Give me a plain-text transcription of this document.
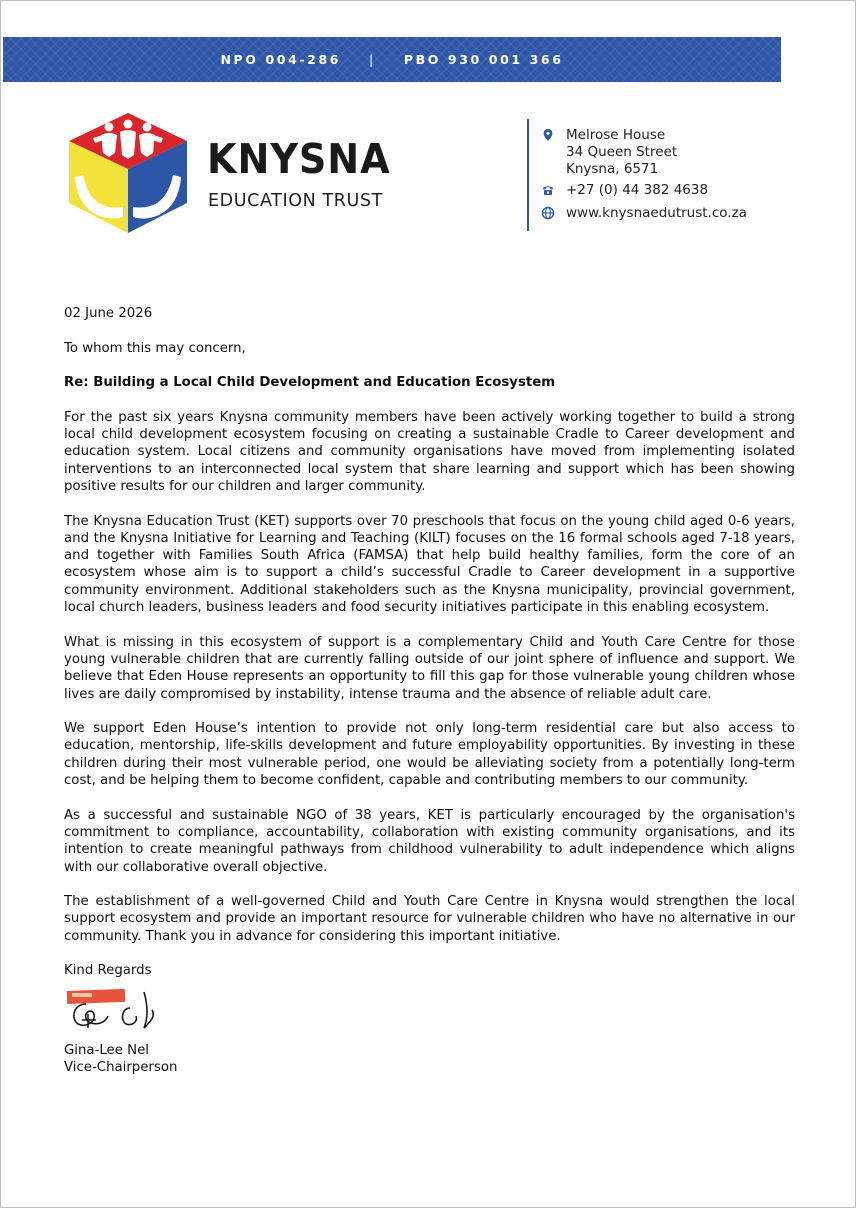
NPO 004-286 | PBO 930 001 366
KNYSNA
EDUCATION TRUST
Melrose House
34 Queen Street
Knysna, 6571
+27 (0) 44 382 4638
www.knysnaedutrust.co.za

02 June 2026

To whom this may concern,

Re: Building a Local Child Development and Education Ecosystem

For the past six years Knysna community members have been actively working together to build a strong local child development ecosystem focusing on creating a sustainable Cradle to Career development and education system. Local citizens and community organisations have moved from implementing isolated interventions to an interconnected local system that share learning and support which has been showing positive results for our children and larger community.

The Knysna Education Trust (KET) supports over 70 preschools that focus on the young child aged 0-6 years, and the Knysna Initiative for Learning and Teaching (KILT) focuses on the 16 formal schools aged 7-18 years, and together with Families South Africa (FAMSA) that help build healthy families, form the core of an ecosystem whose aim is to support a child’s successful Cradle to Career development in a supportive community environment. Additional stakeholders such as the Knysna municipality, provincial government, local church leaders, business leaders and food security initiatives participate in this enabling ecosystem.

What is missing in this ecosystem of support is a complementary Child and Youth Care Centre for those young vulnerable children that are currently falling outside of our joint sphere of influence and support. We believe that Eden House represents an opportunity to fill this gap for those vulnerable young children whose lives are daily compromised by instability, intense trauma and the absence of reliable adult care.

We support Eden House’s intention to provide not only long-term residential care but also access to education, mentorship, life-skills development and future employability opportunities. By investing in these children during their most vulnerable period, one would be alleviating society from a potentially long-term cost, and be helping them to become confident, capable and contributing members to our community.

As a successful and sustainable NGO of 38 years, KET is particularly encouraged by the organisation's commitment to compliance, accountability, collaboration with existing community organisations, and its intention to create meaningful pathways from childhood vulnerability to adult independence which aligns with our collaborative overall objective.

The establishment of a well-governed Child and Youth Care Centre in Knysna would strengthen the local support ecosystem and provide an important resource for vulnerable children who have no alternative in our community. Thank you in advance for considering this important initiative.

Kind Regards

Gina-Lee Nel

Vice-Chairperson
